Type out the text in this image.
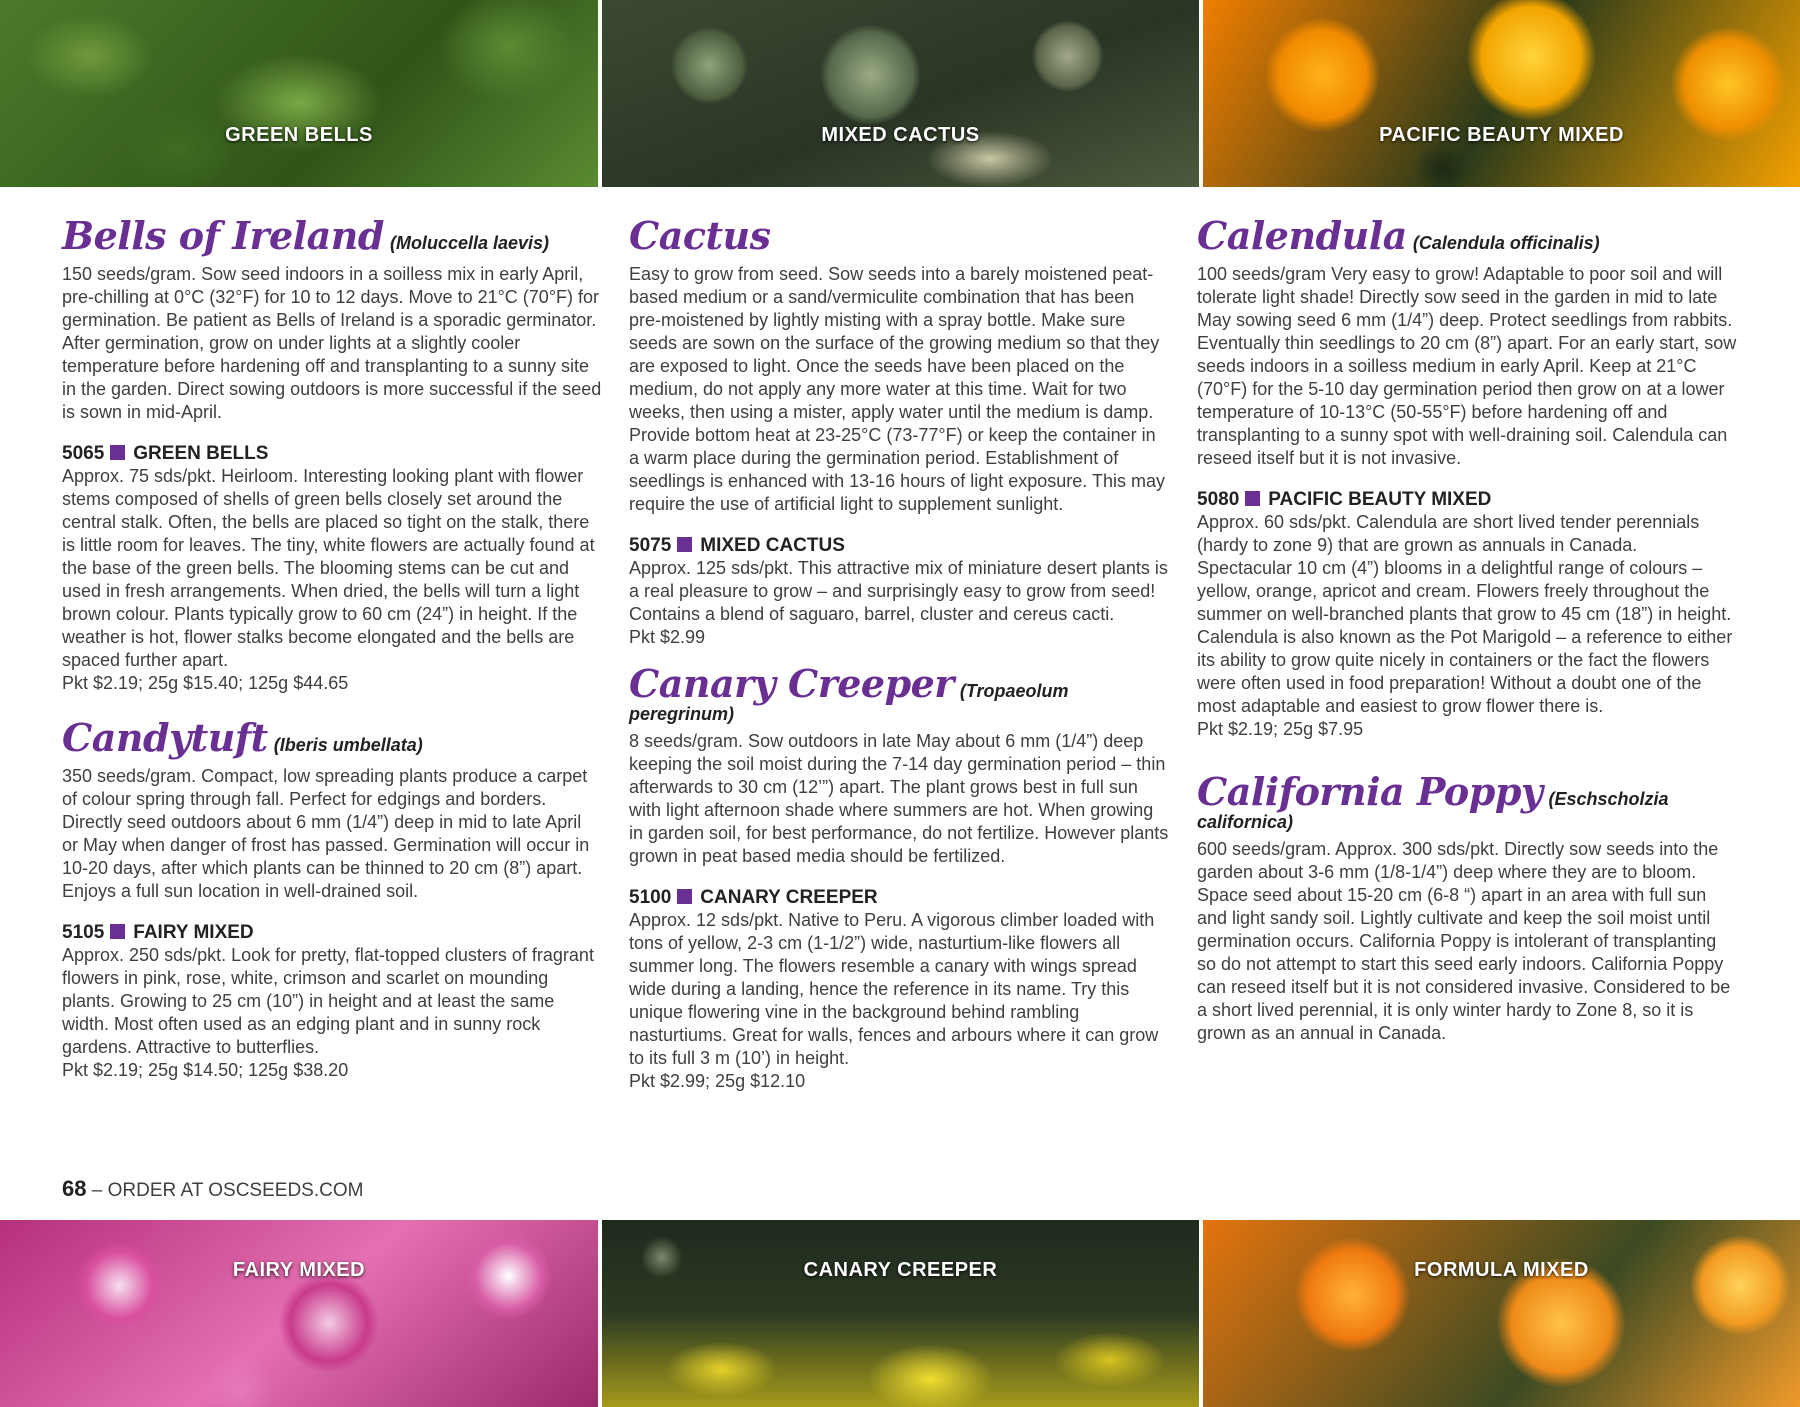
GREEN BELLS	MIXED CACTUS	PACIFIC BEAUTY MIXED
Bells of Ireland (Moluccella laevis)

150 seeds/gram. Sow seed indoors in a soilless mix in early April, pre-chilling at 0°C (32°F) for 10 to 12 days. Move to 21°C (70°F) for germination. Be patient as Bells of Ireland is a sporadic germinator. After germination, grow on under lights at a slightly cooler temperature before hardening off and transplanting to a sunny site in the garden. Direct sowing outdoors is more successful if the seed is sown in mid-April.

5065 GREEN BELLS

Approx. 75 sds/pkt. Heirloom. Interesting looking plant with flower stems composed of shells of green bells closely set around the central stalk. Often, the bells are placed so tight on the stalk, there is little room for leaves. The tiny, white flowers are actually found at the base of the green bells. The blooming stems can be cut and used in fresh arrangements. When dried, the bells will turn a light brown colour. Plants typically grow to 60 cm (24”) in height. If the weather is hot, flower stalks become elongated and the bells are spaced further apart.

Pkt $2.19; 25g $15.40; 125g $44.65

Candytuft (Iberis umbellata)

350 seeds/gram. Compact, low spreading plants produce a carpet of colour spring through fall. Perfect for edgings and borders. Directly seed outdoors about 6 mm (1/4”) deep in mid to late April or May when danger of frost has passed. Germination will occur in 10-20 days, after which plants can be thinned to 20 cm (8”) apart. Enjoys a full sun location in well-drained soil.

5105 FAIRY MIXED

Approx. 250 sds/pkt. Look for pretty, flat-topped clusters of fragrant flowers in pink, rose, white, crimson and scarlet on mounding plants. Growing to 25 cm (10”) in height and at least the same width. Most often used as an edging plant and in sunny rock gardens. Attractive to butterflies.

Pkt $2.19; 25g $14.50; 125g $38.20

Cactus

Easy to grow from seed. Sow seeds into a barely moistened peat-based medium or a sand/vermiculite combination that has been pre-moistened by lightly misting with a spray bottle. Make sure seeds are sown on the surface of the growing medium so that they are exposed to light. Once the seeds have been placed on the medium, do not apply any more water at this time. Wait for two weeks, then using a mister, apply water until the medium is damp. Provide bottom heat at 23-25°C (73-77°F) or keep the container in a warm place during the germination period. Establishment of seedlings is enhanced with 13-16 hours of light exposure. This may require the use of artificial light to supplement sunlight.

5075 MIXED CACTUS

Approx. 125 sds/pkt. This attractive mix of miniature desert plants is a real pleasure to grow – and surprisingly easy to grow from seed! Contains a blend of saguaro, barrel, cluster and cereus cacti.

Pkt $2.99

Canary Creeper (Tropaeolum peregrinum)

8 seeds/gram. Sow outdoors in late May about 6 mm (1/4”) deep keeping the soil moist during the 7-14 day germination period – thin afterwards to 30 cm (12’”) apart. The plant grows best in full sun with light afternoon shade where summers are hot. When growing in garden soil, for best performance, do not fertilize. However plants grown in peat based media should be fertilized.

5100 CANARY CREEPER

Approx. 12 sds/pkt. Native to Peru. A vigorous climber loaded with tons of yellow, 2-3 cm (1-1/2”) wide, nasturtium-like flowers all summer long. The flowers resemble a canary with wings spread wide during a landing, hence the reference in its name. Try this unique flowering vine in the background behind rambling nasturtiums. Great for walls, fences and arbours where it can grow to its full 3 m (10’) in height.

Pkt $2.99; 25g $12.10

Calendula (Calendula officinalis)

100 seeds/gram Very easy to grow! Adaptable to poor soil and will tolerate light shade! Directly sow seed in the garden in mid to late May sowing seed 6 mm (1/4”) deep. Protect seedlings from rabbits. Eventually thin seedlings to 20 cm (8”) apart. For an early start, sow seeds indoors in a soilless medium in early April. Keep at 21°C (70°F) for the 5-10 day germination period then grow on at a lower temperature of 10-13°C (50-55°F) before hardening off and transplanting to a sunny spot with well-draining soil. Calendula can reseed itself but it is not invasive.

5080 PACIFIC BEAUTY MIXED

Approx. 60 sds/pkt. Calendula are short lived tender perennials (hardy to zone 9) that are grown as annuals in Canada. Spectacular 10 cm (4”) blooms in a delightful range of colours – yellow, orange, apricot and cream. Flowers freely throughout the summer on well-branched plants that grow to 45 cm (18”) in height. Calendula is also known as the Pot Marigold – a reference to either its ability to grow quite nicely in containers or the fact the flowers were often used in food preparation! Without a doubt one of the most adaptable and easiest to grow flower there is.

Pkt $2.19; 25g $7.95

California Poppy (Eschscholzia californica)

600 seeds/gram. Approx. 300 sds/pkt. Directly sow seeds into the garden about 3-6 mm (1/8-1/4”) deep where they are to bloom. Space seed about 15-20 cm (6-8 “) apart in an area with full sun and light sandy soil. Lightly cultivate and keep the soil moist until germination occurs. California Poppy is intolerant of transplanting so do not attempt to start this seed early indoors. California Poppy can reseed itself but it is not considered invasive. Considered to be a short lived perennial, it is only winter hardy to Zone 8, so it is grown as an annual in Canada.

68 – ORDER AT OSCSEEDS.COM
FAIRY MIXED	CANARY CREEPER	FORMULA MIXED
